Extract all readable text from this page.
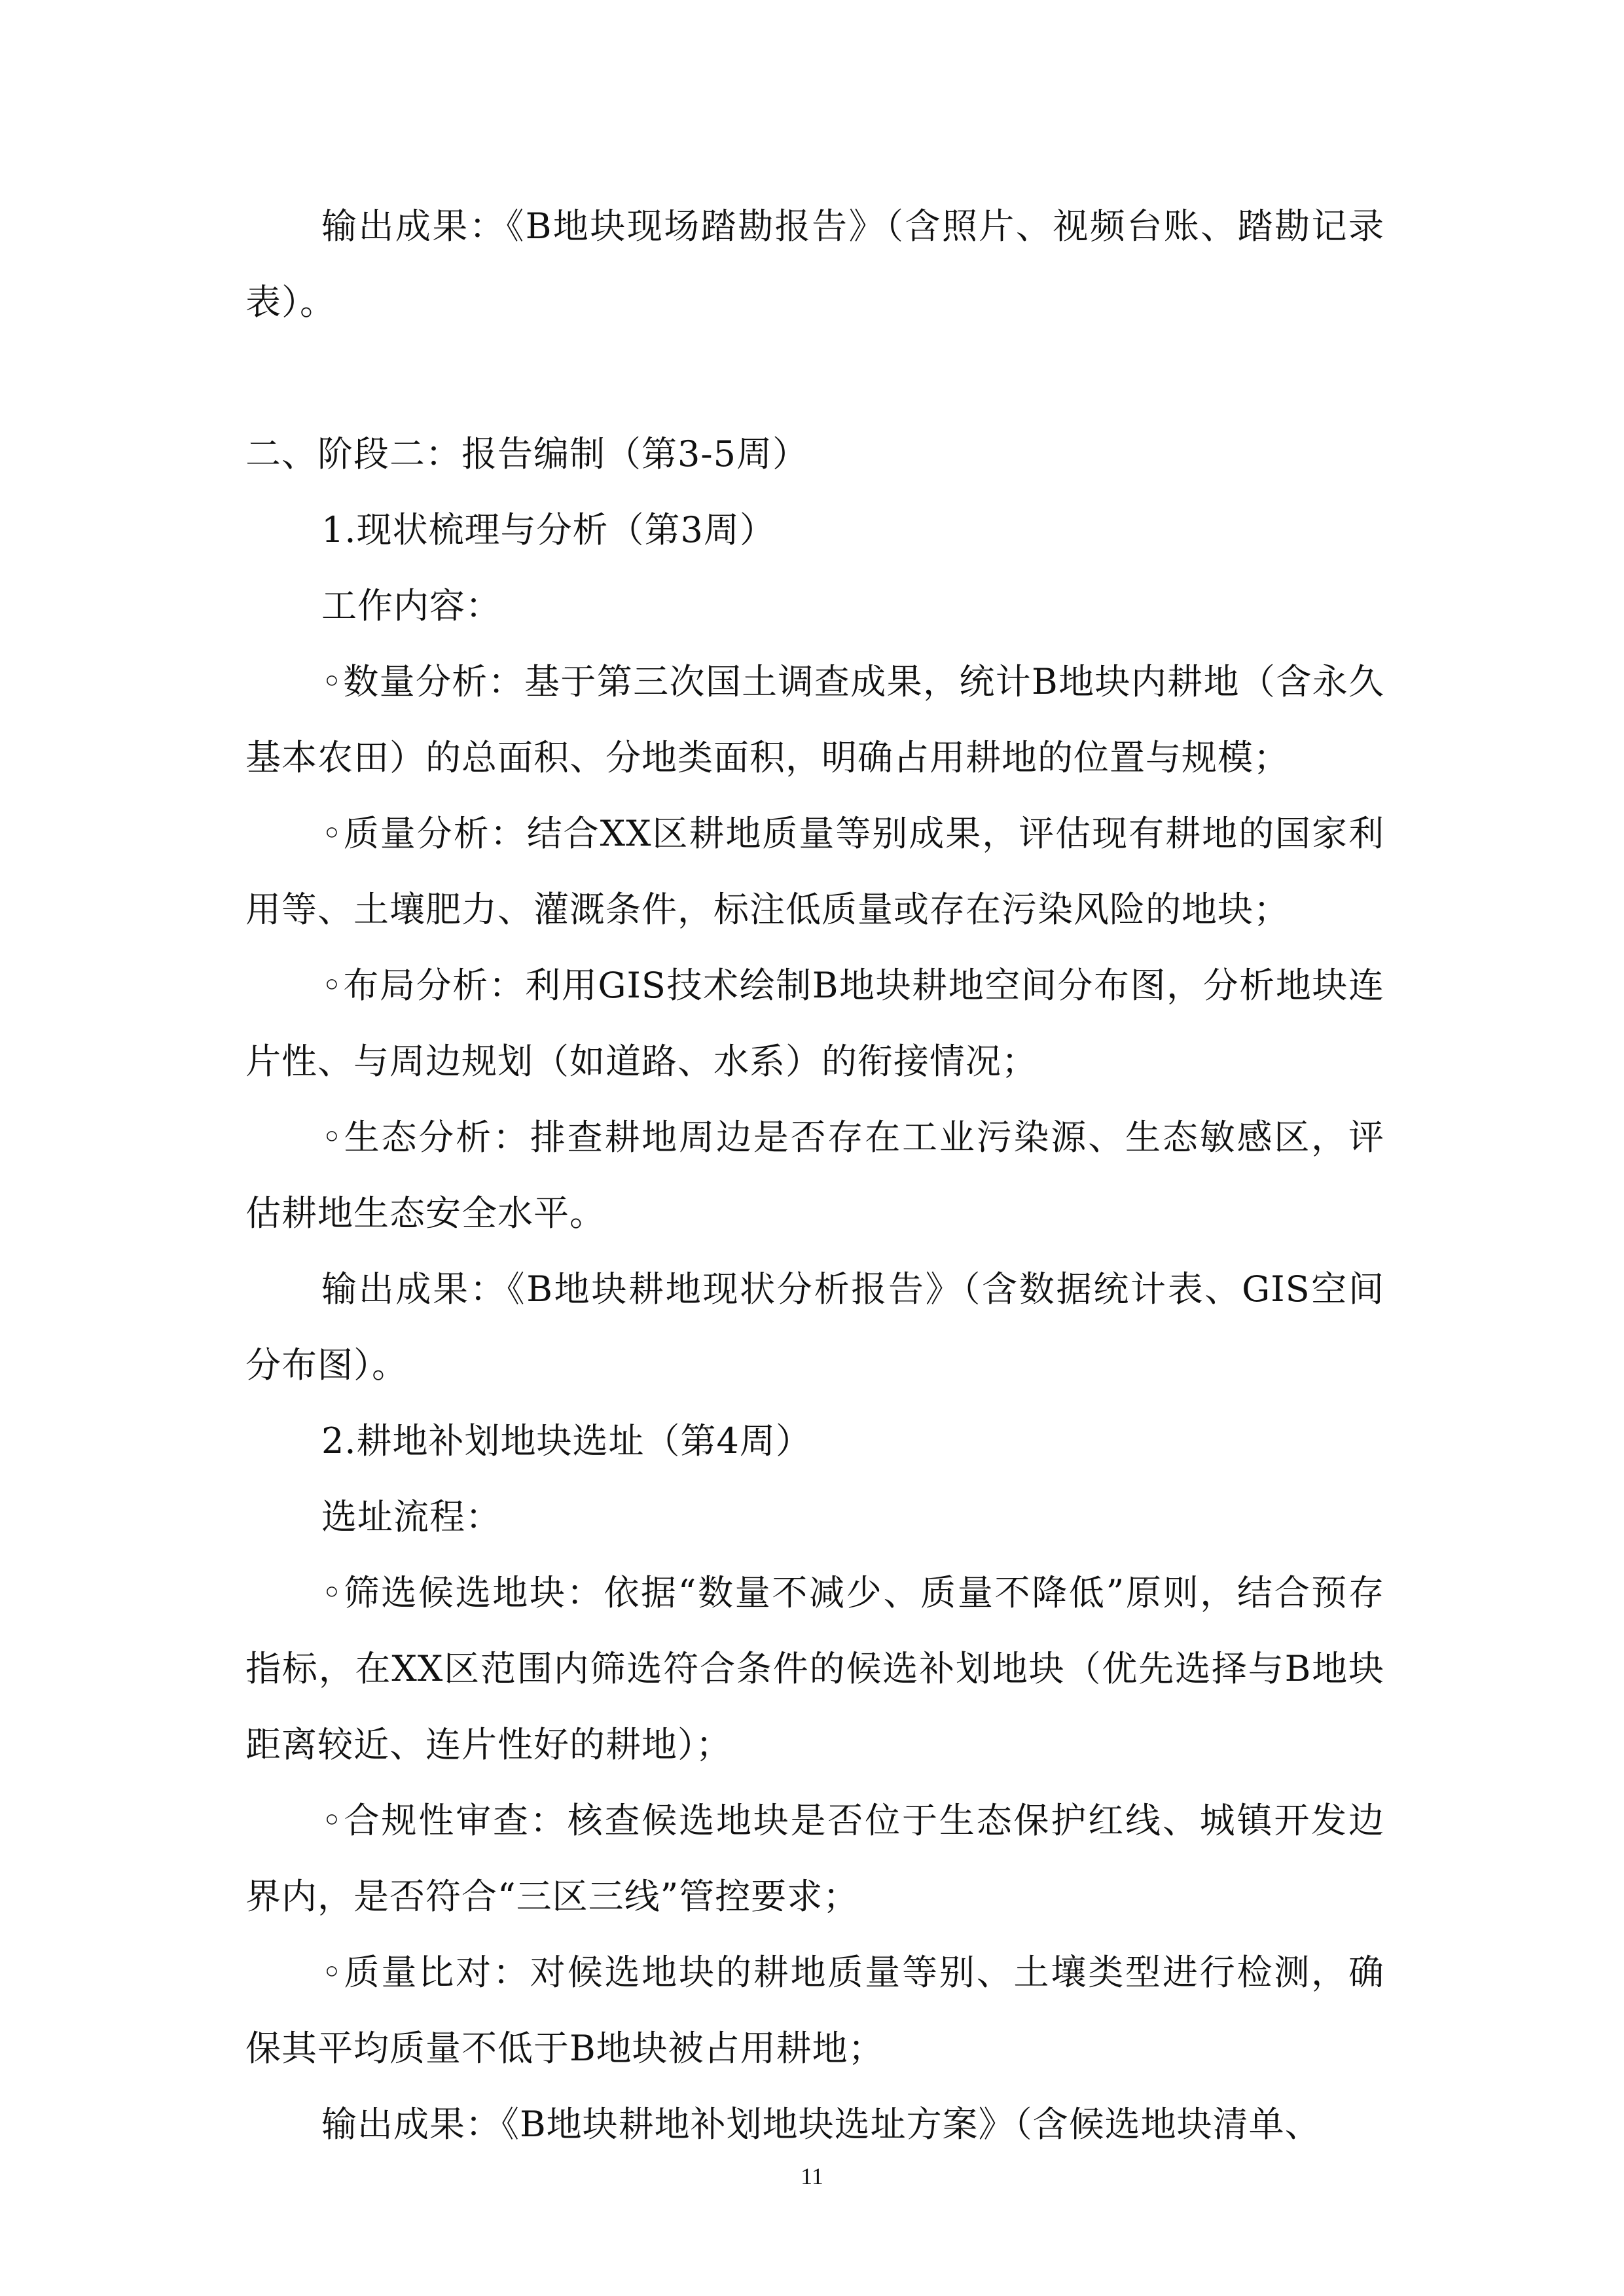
输出成果：《B地块现场踏勘报告》（含照片、视频台账、踏勘记录表）。

二、阶段二：报告编制（第3-5周）

1.现状梳理与分析（第3周）

工作内容：

◦数量分析：基于第三次国土调查成果，统计B地块内耕地（含永久基本农田）的总面积、分地类面积，明确占用耕地的位置与规模；

◦质量分析：结合XX区耕地质量等别成果，评估现有耕地的国家利用等、土壤肥力、灌溉条件，标注低质量或存在污染风险的地块；

◦布局分析：利用GIS技术绘制B地块耕地空间分布图，分析地块连片性、与周边规划（如道路、水系）的衔接情况；

◦生态分析：排查耕地周边是否存在工业污染源、生态敏感区，评估耕地生态安全水平。

输出成果：《B地块耕地现状分析报告》（含数据统计表、GIS空间分布图）。

2.耕地补划地块选址（第4周）

选址流程：

◦筛选候选地块：依据“数量不减少、质量不降低”原则，结合预存指标，在XX区范围内筛选符合条件的候选补划地块（优先选择与B地块距离较近、连片性好的耕地）；

◦合规性审查：核查候选地块是否位于生态保护红线、城镇开发边界内，是否符合“三区三线”管控要求；

◦质量比对：对候选地块的耕地质量等别、土壤类型进行检测，确保其平均质量不低于B地块被占用耕地；

输出成果：《B地块耕地补划地块选址方案》（含候选地块清单、

11
